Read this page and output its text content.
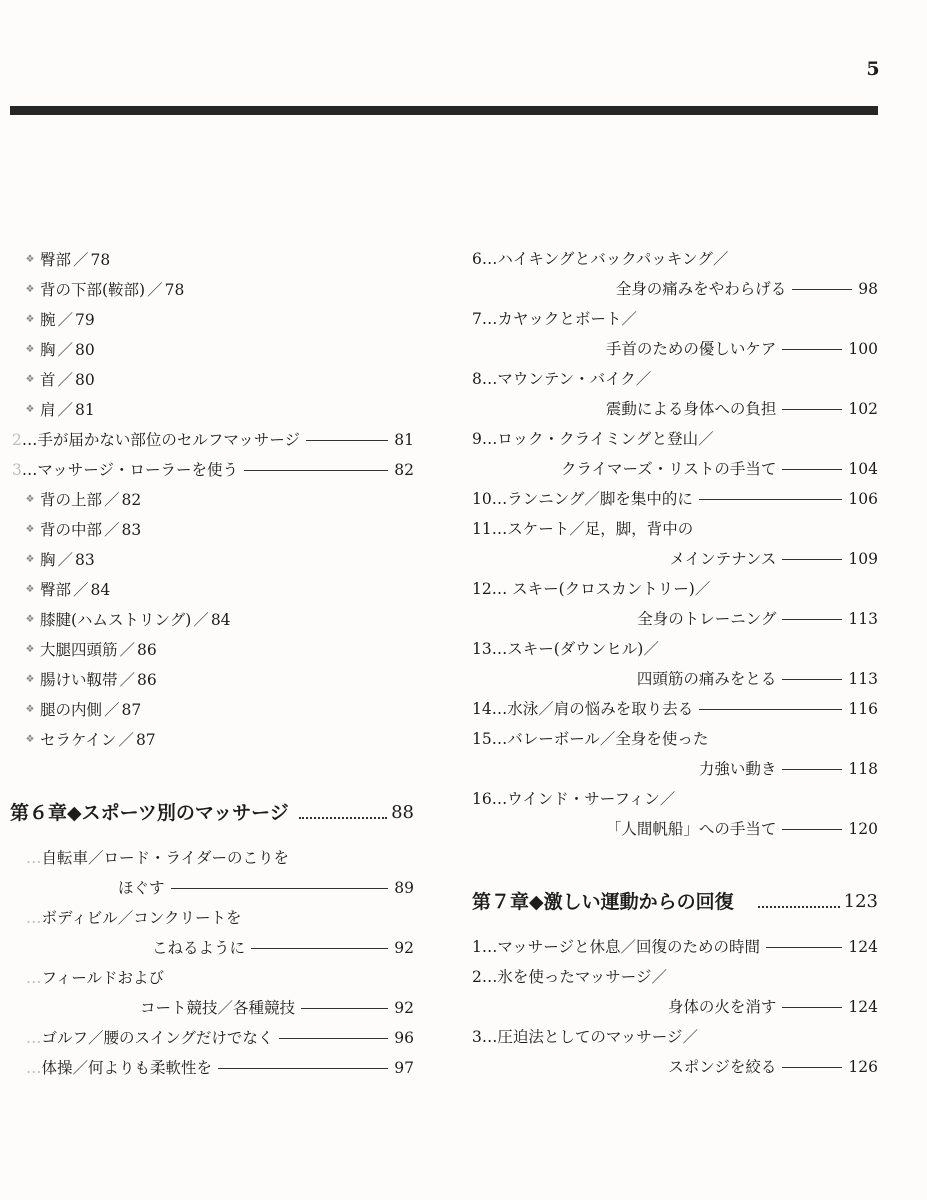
5
❖ 臀部 ／ 78
❖ 背の下部(鞍部) ／ 78
❖ 腕 ／ 79
❖ 胸 ／ 80
❖ 首 ／ 80
❖ 肩 ／ 81
2 …手が届かない部位のセルフマッサージ	81
3 …マッサージ・ローラーを使う	82
❖ 背の上部 ／ 82
❖ 背の中部 ／ 83
❖ 胸 ／ 83
❖ 臀部 ／ 84
❖ 膝腱(ハムストリング) ／ 84
❖ 大腿四頭筋 ／ 86
❖ 腸けい靱帯 ／ 86
❖ 腿の内側 ／ 87
❖ セラケイン ／ 87
第６章◆スポーツ別のマッサージ	88
… 自転車／ロード・ライダーのこりを
ほぐす	89
… ボディビル／コンクリートを
こねるように	92
… フィールドおよび
コート競技／各種競技	92
… ゴルフ／腰のスイングだけでなく	96
… 体操／何よりも柔軟性を	97
6 …ハイキングとバックパッキング／
全身の痛みをやわらげる	98
7 …カヤックとボート／
手首のための優しいケア	100
8 …マウンテン・バイク／
震動による身体への負担	102
9 …ロック・クライミングと登山／
クライマーズ・リストの手当て	104
10 …ランニング／脚を集中的に	106
11 …スケート／足，脚，背中の
メインテナンス	109
12 … スキー(クロスカントリー)／
全身のトレーニング	113
13 …スキー(ダウンヒル)／
四頭筋の痛みをとる	113
14 …水泳／肩の悩みを取り去る	116
15 …バレーボール／全身を使った
力強い動き	118
16 …ウインド・サーフィン／
「人間帆船」への手当て	120
第７章◆激しい運動からの回復	123
1 …マッサージと休息／回復のための時間	124
2 …氷を使ったマッサージ／
身体の火を消す	124
3 …圧迫法としてのマッサージ／
スポンジを絞る	126
